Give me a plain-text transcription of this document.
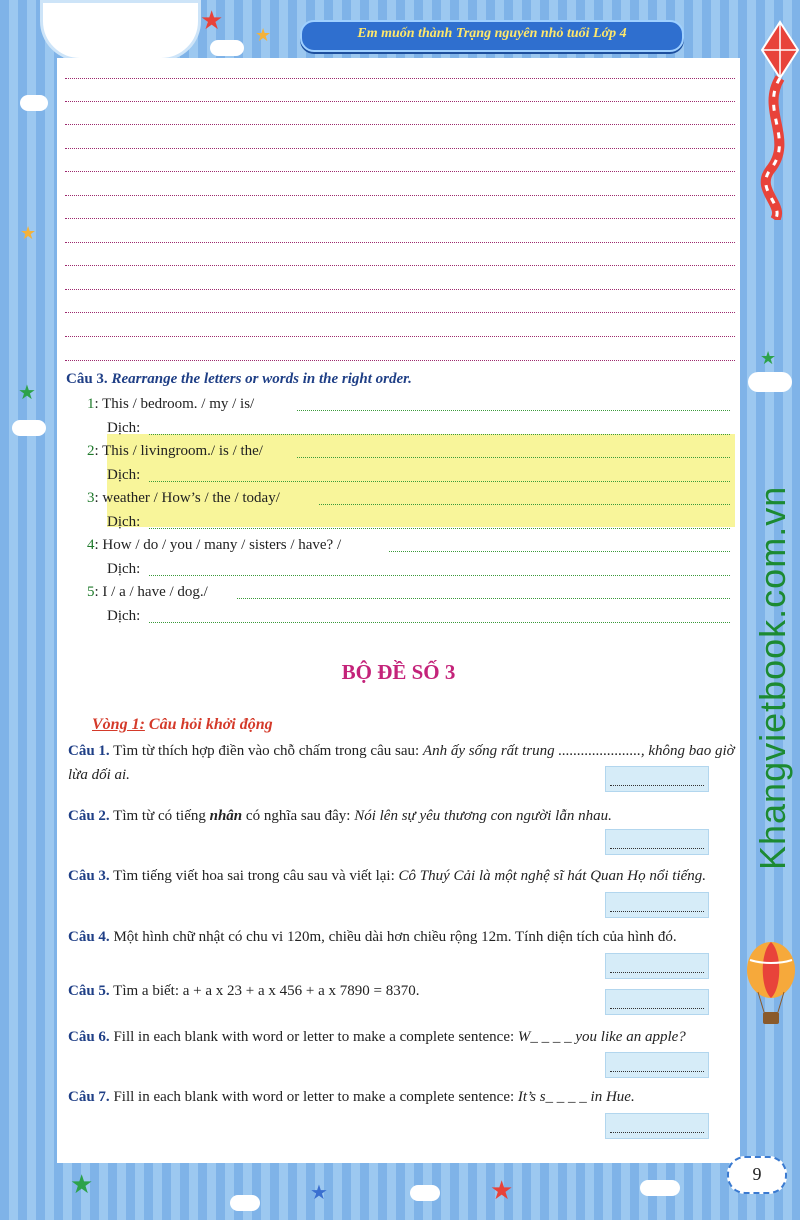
★ ★
★
★
★
Em muốn thành Trạng nguyên nhỏ tuổi Lớp 4
Câu 3. Rearrange the letters or words in the right order.
1: This / bedroom. / my / is/
Dịch:
2: This / livingroom./ is / the/
Dịch:
3: weather / How’s / the / today/
Dịch:
4: How / do / you / many / sisters / have? /
Dịch:
5: I / a / have / dog./
Dịch:
BỘ ĐỀ SỐ 3
Vòng 1: Câu hỏi khởi động
Câu 1. Tìm từ thích hợp điền vào chỗ chấm trong câu sau: Anh ấy sống rất trung ......................, không bao giờ lừa dối ai.
Câu 2. Tìm từ có tiếng nhân có nghĩa sau đây: Nói lên sự yêu thương con người lẫn nhau.
Câu 3. Tìm tiếng viết hoa sai trong câu sau và viết lại: Cô Thuý Cải là một nghệ sĩ hát Quan Họ nổi tiếng.
Câu 4. Một hình chữ nhật có chu vi 120m, chiều dài hơn chiều rộng 12m. Tính diện tích của hình đó.
Câu 5. Tìm a biết: a + a x 23 + a x 456 + a x 7890 = 8370.
Câu 6. Fill in each blank with word or letter to make a complete sentence: W_ _ _ _ you like an apple?
Câu 7. Fill in each blank with word or letter to make a complete sentence: It’s s_ _ _ _ in Hue.
Khangvietbook.com.vn
★	★	★
9
